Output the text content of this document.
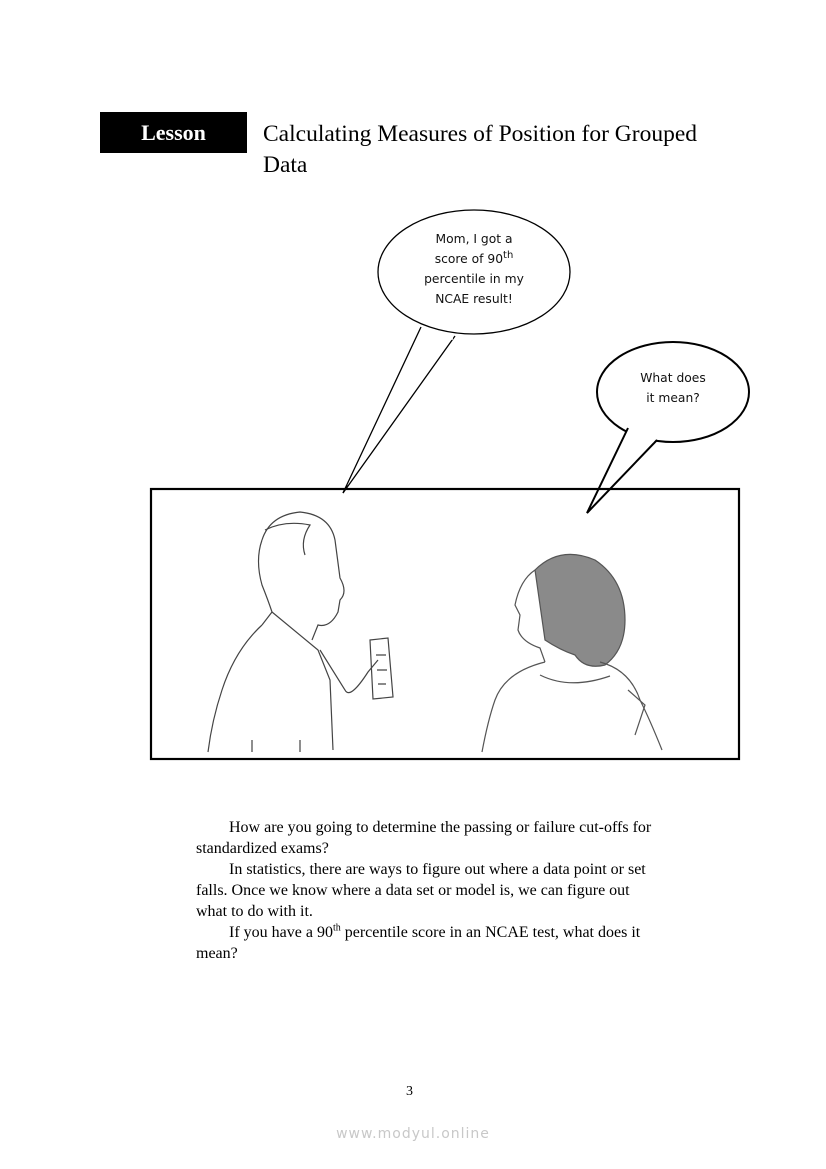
Lesson Calculating Measures of Position for Grouped
Data
Mom, I got a
score of 90th
percentile in my
NCAE result!
What does
it mean?
How are you going to determine the passing or failure cut-offs for
standardized exams?
In statistics, there are ways to figure out where a data point or set
falls. Once we know where a data set or model is, we can figure out
what to do with it.
If you have a 90th percentile score in an NCAE test, what does it
mean?
3
www.modyul.online
